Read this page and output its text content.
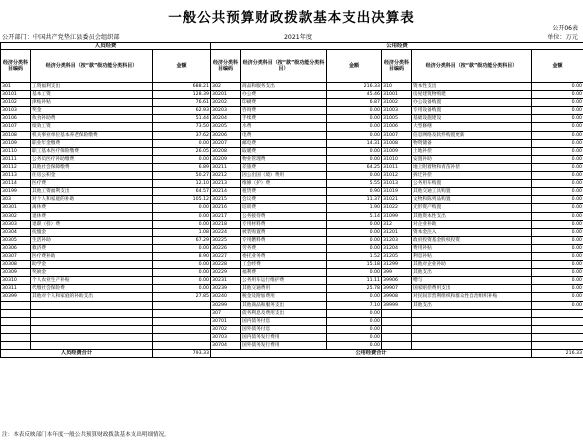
一般公共预算财政拨款基本支出决算表
公开06表
公开部门：中国共产党垫江县委员会组织部	2021年度	单位：万元
人员经费			公用经费					
经济分类科目编码	经济分类科目（按“款”级功能分类科目）	金额	经济分类科目编码	经济分类科目（按“款”级功能分类科目）	金额	经济分类科目编码	经济分类科目（按“款”级功能分类科目）	金额
301	工资福利支出	688.21	302	商品和服务支出	216.33	310	资本性支出	0.00
30101	基本工资	128.39	30201	办公费	45.46	31001	房屋建筑物购建	0.00
30102	津贴补贴	76.61	30202	印刷费	6.87	31002	办公设备购置	0.00
30103	奖金	62.93	30203	咨询费	0.00	31003	专用设备购置	0.00
30106	伙食补助费	51.44	30204	手续费	0.00	31005	基础设施建设	0.00
30107	绩效工资	73.50	30205	水费	0.00	31006	大型修缮	0.00
30108	机关事业单位基本养老保险缴费	37.62	30206	电费	0.00	31007	信息网络及软件购置更新	0.00
30109	职业年金缴费	0.00	30207	邮电费	14.31	31008	物资储备	0.00
30110	职工基本医疗保险缴费	26.05	30208	取暖费	0.00	31009	土地补偿	0.00
30111	公务员医疗补助缴费	0.00	30209	物业管理费	0.00	31010	安置补助	0.00
30112	其他社会保障缴费	6.89	30211	差旅费	64.25	31011	地上附着物和青苗补偿	0.00
30113	住房公积金	50.27	30212	因公出国（境）费用	0.00	31012	拆迁补偿	0.00
30114	医疗费	12.10	30213	维修（护）费	5.55	31013	公务用车购置	0.00
30199	其他工资福利支出	64.57	30214	租赁费	0.90	31019	其他交通工具购置	0.00
303	对个人和家庭的补助	105.12	30215	会议费	11.37	31021	文物和陈列品购置	0.00
30301	离休费	0.00	30216	培训费	1.90	31022	无形资产购置	0.00
30302	退休费	0.00	30217	公务接待费	5.14	31099	其他资本性支出	0.00
30303	退职（役）费	0.00	30218	专用材料费	0.00	312	对企业补助	0.00
30304	抚恤金	1.08	30224	被装购置费	0.00	31201	资本金注入	0.00
30305	生活补助	67.29	30225	专用燃料费	0.00	31203	政府投资基金股权投资	0.00
30306	救济费	0.00	30226	劳务费	0.00	31204	费用补贴	0.00
30307	医疗费补助	8.90	30227	委托业务费	1.52	31205	利息补贴	0.00
30308	助学金	0.00	30228	工会经费	15.18	31299	其他对企业补助	0.00
30309	奖励金	0.00	30229	福利费	0.00	399	其他支出	0.00
30310	个人农业生产补贴	0.00	30231	公务用车运行维护费	11.11	39906	赠与	0.00
30311	代缴社会保险费	0.00	30239	其他交通费用	25.78	39907	国家赔偿费用支出	0.00
30399	其他对个人和家庭的补助支出	27.85	30240	税金及附加费用	0.00	39908	对民间非营利组织和群众性自治组织补贴	0.00
			30299	其他商品和服务支出	7.10	39999	其他支出	0.00
			307	债务利息及费用支出	0.00			
			30701	国内债务付息	0.00			
			30702	国外债务付息	0.00			
			30703	国内债务发行费用	0.00			
			30704	国外债务发行费用	0.00			
人员经费合计		793.33	公用经费合计					216.33
注：本表反映部门本年度一般公共预算财政拨款基本支出明细情况。
